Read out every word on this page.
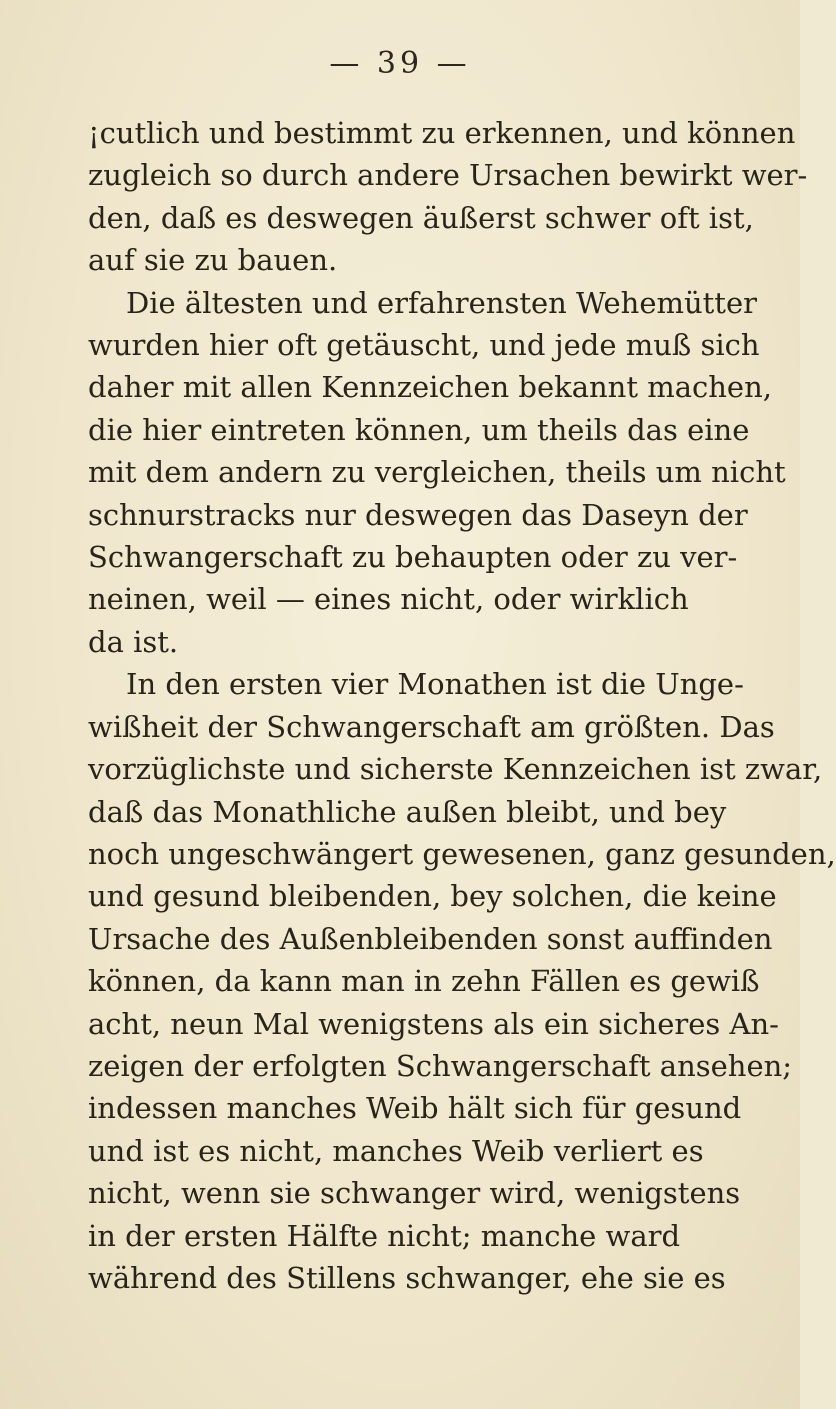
— 39 —

¡cutlich und bestimmt zu erkennen, und können
zugleich so durch andere Ursachen bewirkt wer-
den, daß es deswegen äußerst schwer oft ist,
auf sie zu bauen.

Die ältesten und erfahrensten Wehemütter
wurden hier oft getäuscht, und jede muß sich
daher mit allen Kennzeichen bekannt machen,
die hier eintreten können, um theils das eine
mit dem andern zu vergleichen, theils um nicht
schnurstracks nur deswegen das Daseyn der
Schwangerschaft zu behaupten oder zu ver-
neinen, weil — eines nicht, oder wirklich
da ist.

In den ersten vier Monathen ist die Unge-
wißheit der Schwangerschaft am größten. Das
vorzüglichste und sicherste Kennzeichen ist zwar,
daß das Monathliche außen bleibt, und bey
noch ungeschwängert gewesenen, ganz gesunden,
und gesund bleibenden, bey solchen, die keine
Ursache des Außenbleibenden sonst auffinden
können, da kann man in zehn Fällen es gewiß
acht, neun Mal wenigstens als ein sicheres An-
zeigen der erfolgten Schwangerschaft ansehen;
indessen manches Weib hält sich für gesund
und ist es nicht, manches Weib verliert es
nicht, wenn sie schwanger wird, wenigstens
in der ersten Hälfte nicht; manche ward
während des Stillens schwanger, ehe sie es
